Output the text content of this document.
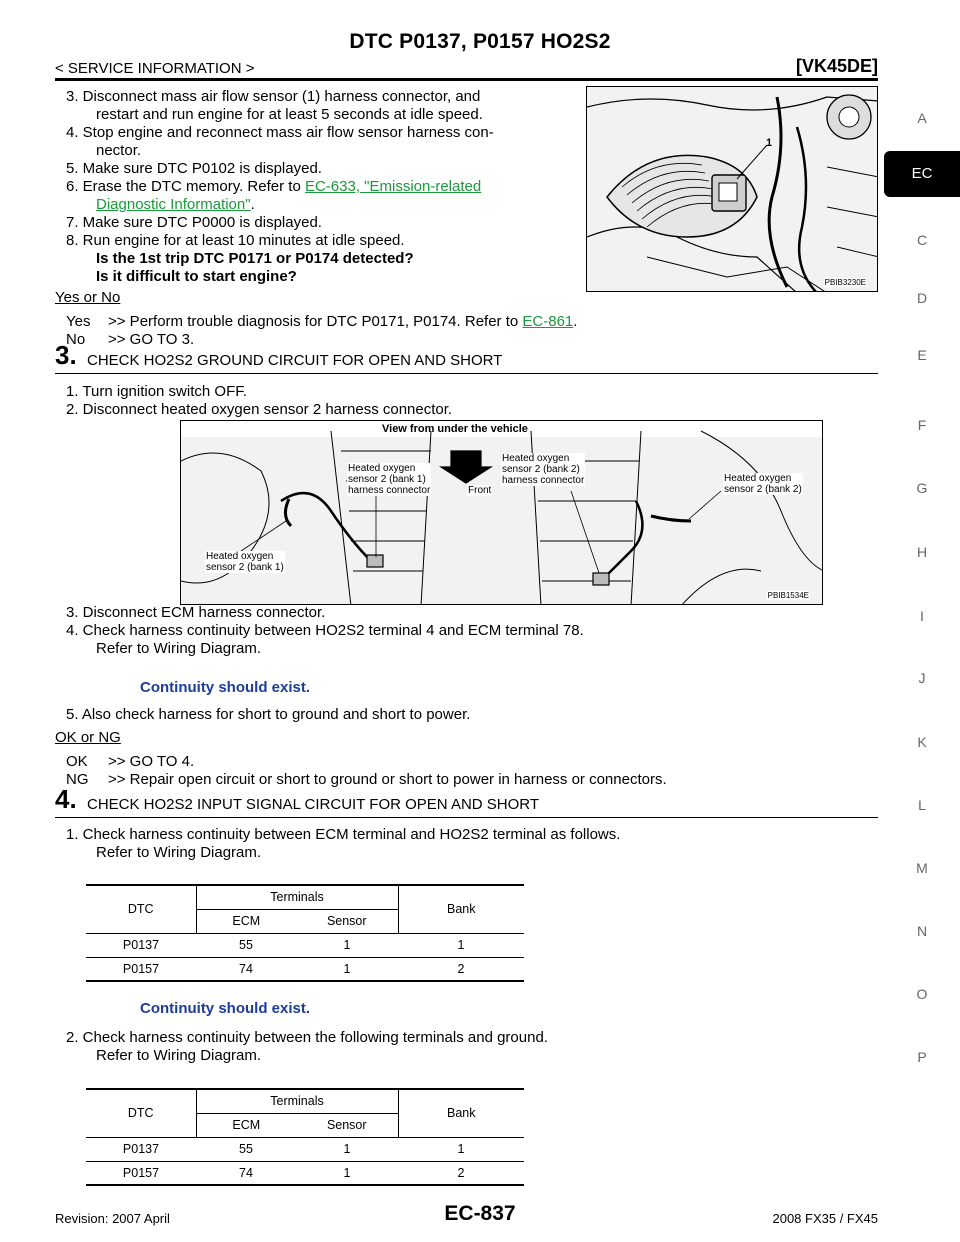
DTC P0137, P0157 HO2S2
< SERVICE INFORMATION >	[VK45DE]
A
EC
C
D
E
F
G
H
I
J
K
L
M
N
O
P
3. Disconnect mass air flow sensor (1) harness connector, and
restart and run engine for at least 5 seconds at idle speed.
4. Stop engine and reconnect mass air flow sensor harness con-
nector.
5. Make sure DTC P0102 is displayed.
6. Erase the DTC memory. Refer to EC-633, "Emission-related
Diagnostic Information".
7. Make sure DTC P0000 is displayed.
8. Run engine for at least 10 minutes at idle speed.
Is the 1st trip DTC P0171 or P0174 detected?
Is it difficult to start engine?
Yes or No
Yes >> Perform trouble diagnosis for DTC P0171, P0174. Refer to EC-861.
No >> GO TO 3.
1
PBIB3230E
3. CHECK HO2S2 GROUND CIRCUIT FOR OPEN AND SHORT
1. Turn ignition switch OFF.
2. Disconnect heated oxygen sensor 2 harness connector.
View from under the vehicle
Heated oxygen
sensor 2 (bank 1)
harness connector
Heated oxygen
sensor 2 (bank 1)
Front
Heated oxygen
sensor 2 (bank 2)
harness connector	Heated oxygen
sensor 2 (bank 2)
PBIB1534E
3. Disconnect ECM harness connector.
4. Check harness continuity between HO2S2 terminal 4 and ECM terminal 78.
Refer to Wiring Diagram.
Continuity should exist.
5. Also check harness for short to ground and short to power.
OK or NG
OK >> GO TO 4.
NG >> Repair open circuit or short to ground or short to power in harness or connectors.
4. CHECK HO2S2 INPUT SIGNAL CIRCUIT FOR OPEN AND SHORT
1. Check harness continuity between ECM terminal and HO2S2 terminal as follows.
Refer to Wiring Diagram.
DTC	Terminals		Bank
	ECM	Sensor	
P0137	55	1	1
P0157	74	1	2
Continuity should exist.
2. Check harness continuity between the following terminals and ground.
Refer to Wiring Diagram.
DTC	Terminals		Bank
	ECM	Sensor	
P0137	55	1	1
P0157	74	1	2
Revision: 2007 April	EC-837	2008 FX35 / FX45
